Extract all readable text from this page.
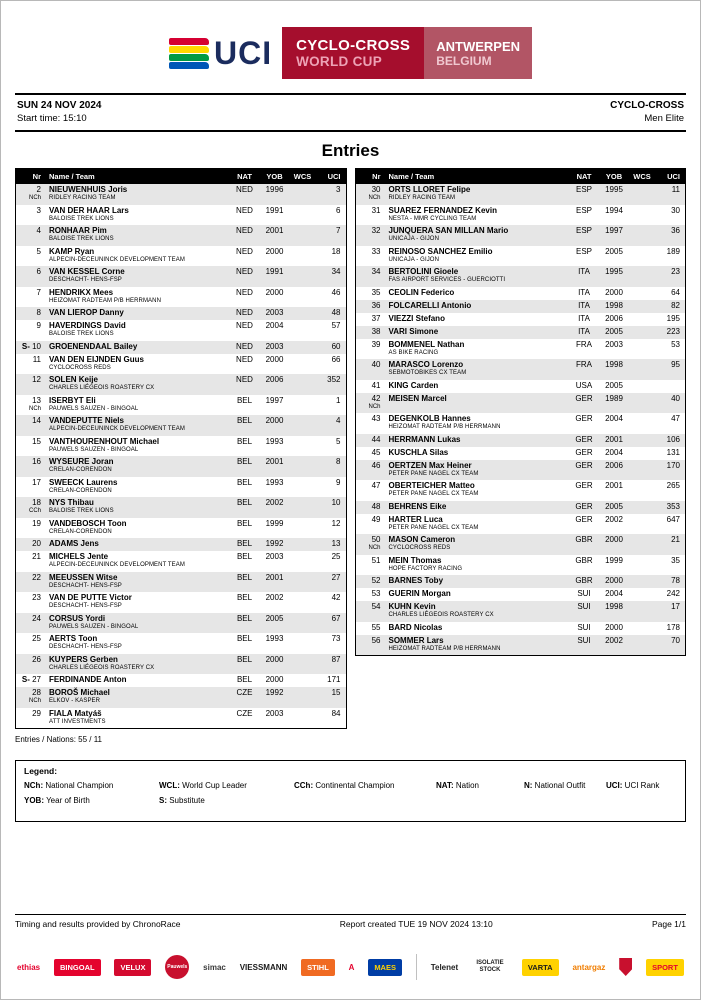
UCI CYCLO-CROSS
WORLD CUP
ANTWERPEN
BELGIUM
SUN 24 NOV 2024	CYCLO-CROSS
Start time: 15:10	Men Elite
Entries
Nr	Name / Team	NAT	YOB	WCS	UCI
2
NCh
NIEUWENHUIS Joris
RIDLEY RACING TEAM
NED	1996	3
3 VAN DER HAAR Lars
BALOISE TREK LIONS
NED	1991	6
4 RONHAAR Pim
BALOISE TREK LIONS
NED	2001	7
5 KAMP Ryan
ALPECIN-DECEUNINCK DEVELOPMENT TEAM
NED	2000	18
6 VAN KESSEL Corne
DESCHACHT- HENS-FSP
NED	1991	34
7 HENDRIKX Mees
HEIZOMAT RADTEAM P/B HERRMANN
NED	2000	46
8 VAN LIEROP Danny	NED	2003	48
9 HAVERDINGS David
BALOISE TREK LIONS
NED	2004	57
S- 10 GROENENDAAL Bailey	NED	2003	60
11 VAN DEN EIJNDEN Guus
CYCLOCROSS REDS
NED	2000	66
12 SOLEN Keije
CHARLES LIÉGEOIS ROASTERY CX
NED	2006	352
13
NCh
ISERBYT Eli
PAUWELS SAUZEN - BINGOAL
BEL	1997	1
14 VANDEPUTTE Niels
ALPECIN-DECEUNINCK DEVELOPMENT TEAM
BEL	2000	4
15 VANTHOURENHOUT Michael
PAUWELS SAUZEN - BINGOAL
BEL	1993	5
16 WYSEURE Joran
CRELAN-CORENDON
BEL	2001	8
17 SWEECK Laurens
CRELAN-CORENDON
BEL	1993	9
18
CCh
NYS Thibau
BALOISE TREK LIONS
BEL	2002	10
19 VANDEBOSCH Toon
CRELAN-CORENDON
BEL	1999	12
20 ADAMS Jens	BEL	1992	13
21 MICHELS Jente
ALPECIN-DECEUNINCK DEVELOPMENT TEAM
BEL	2003	25
22 MEEUSSEN Witse
DESCHACHT- HENS-FSP
BEL	2001	27
23 VAN DE PUTTE Victor
DESCHACHT- HENS-FSP
BEL	2002	42
24 CORSUS Yordi
PAUWELS SAUZEN - BINGOAL
BEL	2005	67
25 AERTS Toon
DESCHACHT- HENS-FSP
BEL	1993	73
26 KUYPERS Gerben
CHARLES LIÉGEOIS ROASTERY CX
BEL	2000	87
S- 27 FERDINANDE Anton	BEL	2000	171
28
NCh
BOROŠ Michael
ELKOV - KASPER
CZE	1992	15
29 FIALA Matyáš
ATT INVESTMENTS
CZE	2003	84
Nr	Name / Team	NAT	YOB	WCS	UCI
30
NCh
ORTS LLORET Felipe
RIDLEY RACING TEAM
ESP	1995	11
31 SUAREZ FERNANDEZ Kevin
NESTA - MMR CYCLING TEAM
ESP	1994	30
32 JUNQUERA SAN MILLAN Mario
UNICAJA - GIJON
ESP	1997	36
33 REINOSO SANCHEZ Emilio
UNICAJA - GIJON
ESP	2005	189
34 BERTOLINI Gioele
FAS AIRPORT SERVICES - GUERCIOTTI
ITA	1995	23
35 CEOLIN Federico	ITA	2000	64
36 FOLCARELLI Antonio	ITA	1998	82
37 VIEZZI Stefano	ITA	2006	195
38 VARI Simone	ITA	2005	223
39 BOMMENEL Nathan
AS BIKE RACING
FRA	2003	53
40 MARASCO Lorenzo
SEBMOTOBIKES CX TEAM
FRA	1998	95
41 KING Carden	USA	2005
42
NCh
MEISEN Marcel	GER	1989	40
43 DEGENKOLB Hannes
HEIZOMAT RADTEAM P/B HERRMANN
GER	2004	47
44 HERRMANN Lukas	GER	2001	106
45 KUSCHLA Silas	GER	2004	131
46 OERTZEN Max Heiner
PETER PANE NAGEL CX TEAM
GER	2006	170
47 OBERTEICHER Matteo
PETER PANE NAGEL CX TEAM
GER	2001	265
48 BEHRENS Eike	GER	2005	353
49 HARTER Luca
PETER PANE NAGEL CX TEAM
GER	2002	647
50
NCh
MASON Cameron
CYCLOCROSS REDS
GBR	2000	21
51 MEIN Thomas
HOPE FACTORY RACING
GBR	1999	35
52 BARNES Toby	GBR	2000	78
53 GUERIN Morgan	SUI	2004	242
54 KUHN Kevin
CHARLES LIÉGEOIS ROASTERY CX
SUI	1998	17
55 BARD Nicolas	SUI	2000	178
56 SOMMER Lars
HEIZOMAT RADTEAM P/B HERRMANN
SUI	2002	70
Entries / Nations: 55 / 11
Legend:
NCh: National Champion	WCL: World Cup Leader	CCh: Continental Champion	NAT: Nation	N: National Outfit	UCI: UCI Rank
YOB: Year of Birth	S: Substitute
Timing and results provided by ChronoRace	Report created TUE 19 NOV 2024 13:10	Page 1/1
ethias	BINGOAL	VELUX	Pauwels simac VIESSMANN	STIHL	A	MAES	Telenet	ISOLATIE STOCK	VARTA	antargaz	SPORT
